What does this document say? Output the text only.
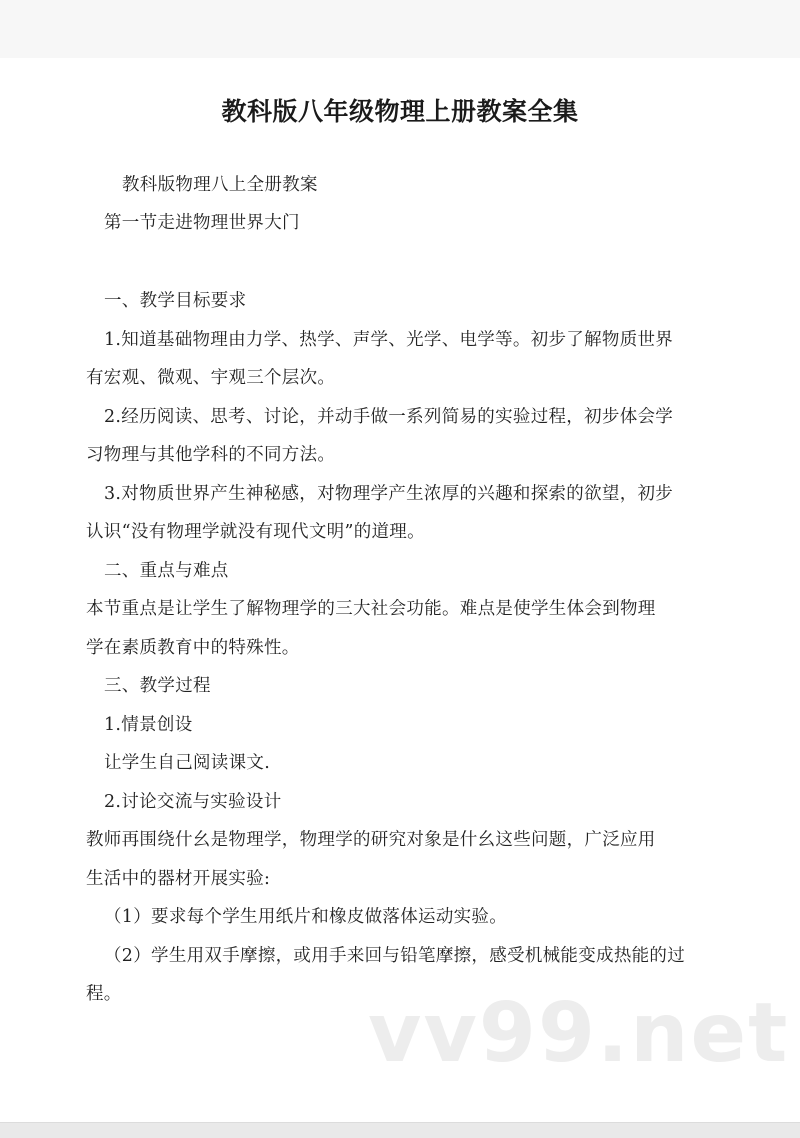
教科版八年级物理上册教案全集
教科版物理八上全册教案
第一节走进物理世界大门
一、教学目标要求
1.知道基础物理由力学、热学、声学、光学、电学等。初步了解物质世界
有宏观、微观、宇观三个层次。
2.经历阅读、思考、讨论，并动手做一系列简易的实验过程，初步体会学
习物理与其他学科的不同方法。
3.对物质世界产生神秘感，对物理学产生浓厚的兴趣和探索的欲望，初步
认识“没有物理学就没有现代文明”的道理。
二、重点与难点
本节重点是让学生了解物理学的三大社会功能。难点是使学生体会到物理
学在素质教育中的特殊性。
三、教学过程
1.情景创设
让学生自己阅读课文.
2.讨论交流与实验设计
教师再围绕什幺是物理学，物理学的研究对象是什幺这些问题，广泛应用
生活中的器材开展实验:
（1）要求每个学生用纸片和橡皮做落体运动实验。
（2）学生用双手摩擦，或用手来回与铅笔摩擦，感受机械能变成热能的过
程。	vv99.net
